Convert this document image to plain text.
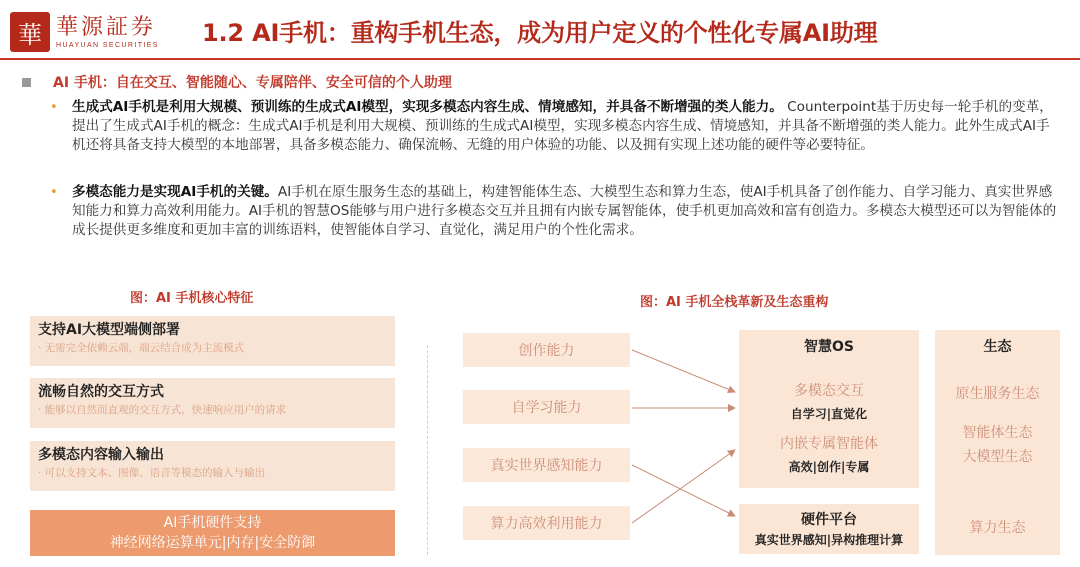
華 華源証券
HUAYUAN SECURITIES 1.2 AI手机：重构手机生态，成为用户定义的个性化专属AI助理
AI 手机：自在交互、智能随心、专属陪伴、安全可信的个人助理
• 生成式AI手机是利用大规模、预训练的生成式AI模型，实现多模态内容生成、情境感知，并具备不断增强的类人能力。 Counterpoint基于历史每一轮手机的变革，提出了生成式AI手机的概念：生成式AI手机是利用大规模、预训练的生成式AI模型，实现多模态内容生成、情境感知，并具备不断增强的类人能力。此外生成式AI手机还将具备支持大模型的本地部署，具备多模态能力、确保流畅、无缝的用户体验的功能、以及拥有实现上述功能的硬件等必要特征。
• 多模态能力是实现AI手机的关键。AI手机在原生服务生态的基础上，构建智能体生态、大模型生态和算力生态，使AI手机具备了创作能力、自学习能力、真实世界感知能力和算力高效利用能力。AI手机的智慧OS能够与用户进行多模态交互并且拥有内嵌专属智能体，使手机更加高效和富有创造力。多模态大模型还可以为智能体的成长提供更多维度和更加丰富的训练语料，使智能体自学习、直觉化，满足用户的个性化需求。
图：AI 手机核心特征
支持AI大模型端侧部署
· 无需完全依赖云端，端云结合成为主流模式
流畅自然的交互方式
· 能够以自然而直观的交互方式，快速响应用户的请求
多模态内容输入输出
· 可以支持文本、图像、语音等模态的输入与输出
AI手机硬件支持
神经网络运算单元|内存|安全防御
图：AI 手机全栈革新及生态重构
创作能力
自学习能力
真实世界感知能力
算力高效利用能力
智慧OS
多模态交互
自学习|直觉化
内嵌专属智能体
高效|创作|专属
硬件平台
真实世界感知|异构推理计算
生态
原生服务生态
智能体生态
大模型生态
算力生态
